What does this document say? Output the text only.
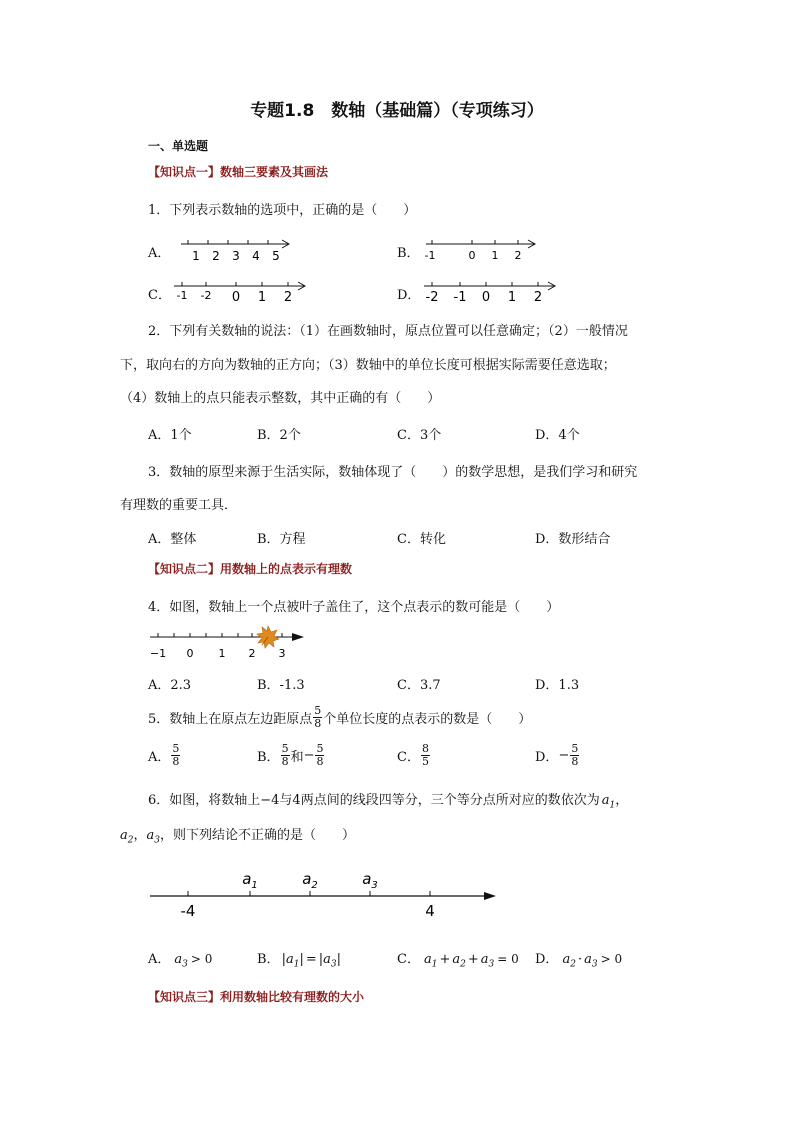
专题1.8　数轴（基础篇）（专项练习）
一、单选题
【知识点一】数轴三要素及其画法
1．下列表示数轴的选项中，正确的是（　　）
A． 1 2 3 4 5	B． -1	0 1 2
C． -1 -2 0 1 2	D． -2 -1 0 1 2
2．下列有关数轴的说法：（1）在画数轴时，原点位置可以任意确定；（2）一般情况
下，取向右的方向为数轴的正方向；（3）数轴中的单位长度可根据实际需要任意选取；
（4）数轴上的点只能表示整数，其中正确的有（　　）
A．1个	B．2个	C．3个	D．4个
3．数轴的原型来源于生活实际，数轴体现了（　　）的数学思想，是我们学习和研究
有理数的重要工具．
A．整体	B．方程	C．转化	D．数形结合
【知识点二】用数轴上的点表示有理数
4．如图，数轴上一个点被叶子盖住了，这个点表示的数可能是（　　）
−1 0 1 2 3
A．2.3	B．-1.3	C．3.7	D．1.3
5．数轴上在原点左边距原点 $\frac{5}{8}$ 个单位长度的点表示的数是（　　）
A． $\frac{5}{8}$	B． $\frac{5}{8}$ 和 − $\frac{5}{8}$	C． $\frac{8}{5}$	D． − $\frac{5}{8}$
6．如图，将数轴上−4与4两点间的线段四等分，三个等分点所对应的数依次为 $a_1$ ，
$a_2$ ， $a_3$ ，则下列结论不正确的是（　　）
$a_1$	$a_2$	$a_3$
-4	4
A． $a_3 > 0$	B． | $a_1$ | = | $a_3$ |	C． $a_1 + a_2 + a_3 = 0$ D． $a_2 \cdot a_3 > 0$
【知识点三】利用数轴比较有理数的大小
